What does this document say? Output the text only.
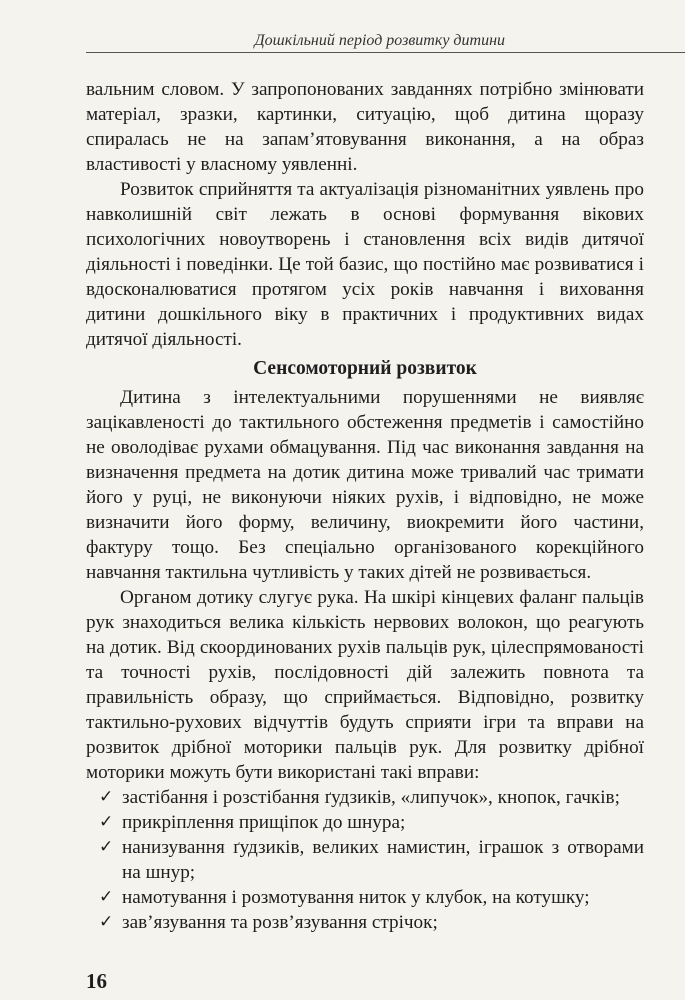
Дошкільний період розвитку дитини

вальним словом. У запропонованих завданнях потрібно змінювати матеріал, зразки, картинки, ситуацію, щоб дитина щоразу спиралась не на запам’ятовування виконання, а на образ властивості у власному уявленні.

Розвиток сприйняття та актуалізація різноманітних уявлень про навколишній світ лежать в основі формування вікових психологічних новоутворень і становлення всіх видів дитячої діяльності і поведінки. Це той базис, що постійно має розвиватися і вдосконалюватися протягом усіх років навчання і виховання дитини дошкільного віку в практичних і продуктивних видах дитячої діяльності.

Сенсомоторний розвиток

Дитина з інтелектуальними порушеннями не виявляє зацікавленості до тактильного обстеження предметів і самостійно не оволодіває рухами обмацування. Під час виконання завдання на визначення предмета на дотик дитина може тривалий час тримати його у руці, не виконуючи ніяких рухів, і відповідно, не може визначити його форму, величину, виокремити його частини, фактуру тощо. Без спеціально організованого корекційного навчання тактильна чутливість у таких дітей не розвивається.

Органом дотику слугує рука. На шкірі кінцевих фаланг пальців рук знаходиться велика кількість нервових волокон, що реагують на дотик. Від скоординованих рухів пальців рук, цілеспрямованості та точності рухів, послідовності дій залежить повнота та правильність образу, що сприймається. Відповідно, розвитку тактильно-рухових відчуттів будуть сприяти ігри та вправи на розвиток дрібної моторики пальців рук. Для розвитку дрібної моторики можуть бути використані такі вправи:

✓ застібання і розстібання ґудзиків, «липучок», кнопок, гачків;
✓ прикріплення прищіпок до шнура;
✓ нанизування ґудзиків, великих намистин, іграшок з отворами на шнур;
✓ намотування і розмотування ниток у клубок, на котушку;
✓ зав’язування та розв’язування стрічок;
16
